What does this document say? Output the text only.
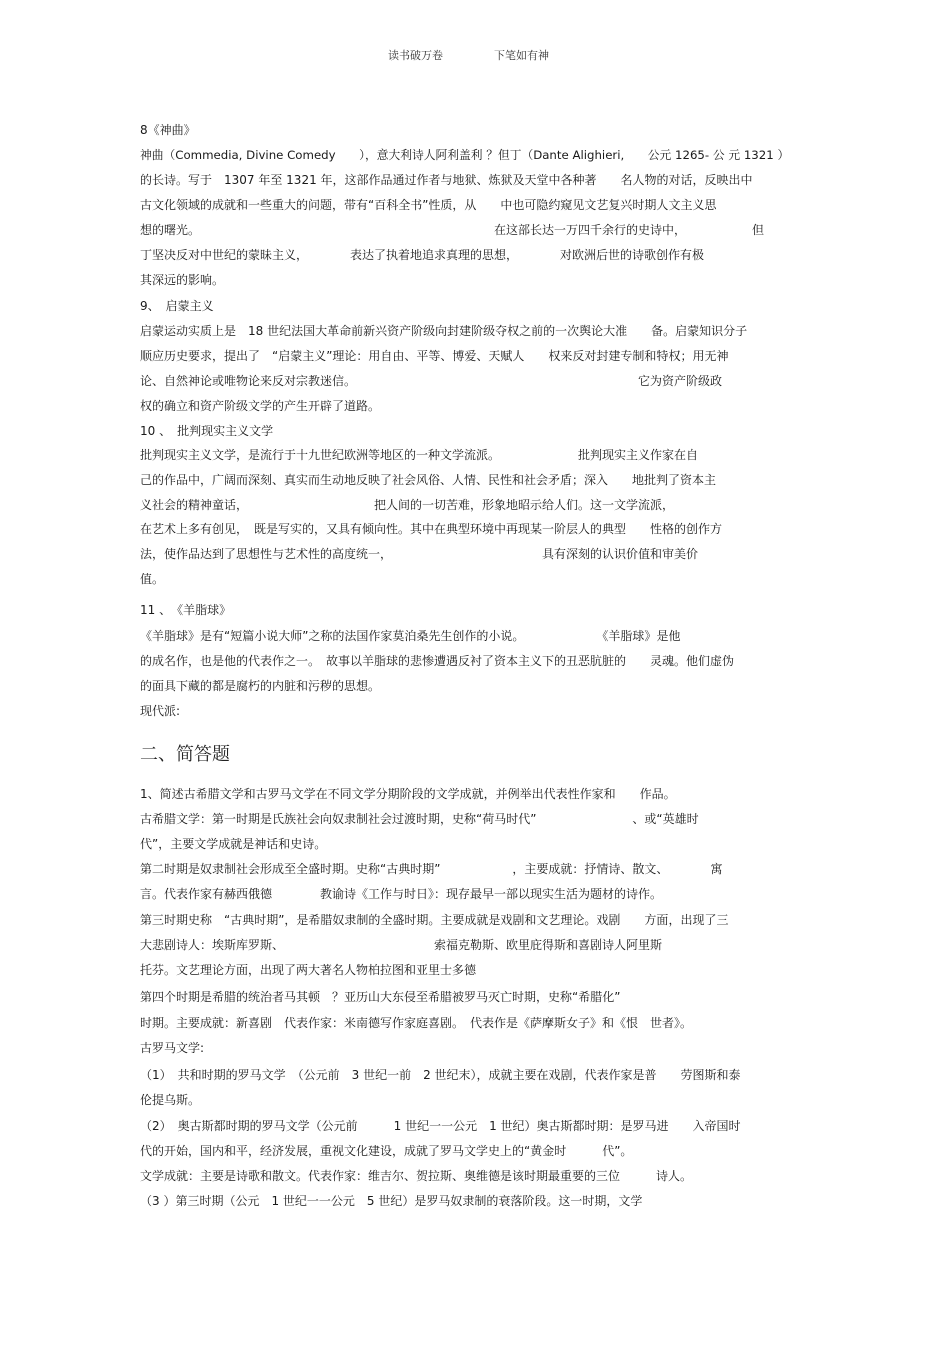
读书破万卷	下笔如有神
8《神曲》
神曲（Commedia, Divine Comedy　　），意大利诗人阿利盖利 ？但丁（Dante Alighieri,　　公元 1265- 公 元 1321 ）
的长诗。写于　1307 年至 1321 年，这部作品通过作者与地狱、炼狱及天堂中各种著　　名人物的对话，反映出中
古文化领域的成就和一些重大的问题，带有“百科全书”性质，从　　中也可隐约窥见文艺复兴时期人文主义思
想的曙光。　　　　　　　　　　　　　　　　　　　　　　　　　在这部长达一万四千余行的史诗中，　　　　　　但
丁坚决反对中世纪的蒙昧主义，　　　　表达了执着地追求真理的思想，　　　　对欧洲后世的诗歌创作有极
其深远的影响。
9、　启蒙主义
启蒙运动实质上是　18 世纪法国大革命前新兴资产阶级向封建阶级夺权之前的一次舆论大准　　备。启蒙知识分子
顺应历史要求，提出了　“启蒙主义”理论：用自由、平等、博爱、天赋人　　权来反对封建专制和特权；用无神
论、自然神论或唯物论来反对宗教迷信。　　　　　　　　　　　　　　　　　　　　　　　　它为资产阶级政
权的确立和资产阶级文学的产生开辟了道路。
10 、　批判现实主义文学
批判现实主义文学，是流行于十九世纪欧洲等地区的一种文学流派。　　　　　　　批判现实主义作家在自
己的作品中，广阔而深刻、真实而生动地反映了社会风俗、人情、民性和社会矛盾；深入　　地批判了资本主
义社会的精神童话，　　　　　　　　　　　把人间的一切苦难，形象地昭示给人们。这一文学流派，
在艺术上多有创见，　既是写实的，又具有倾向性。其中在典型环境中再现某一阶层人的典型　　性格的创作方
法，使作品达到了思想性与艺术性的高度统一，　　　　　　　　　　　　　具有深刻的认识价值和审美价
值。
11 、　《羊脂球》
《羊脂球》是有“短篇小说大师”之称的法国作家莫泊桑先生创作的小说。　　　　　　　《羊脂球》是他
的成名作，也是他的代表作之一。　故事以羊脂球的悲惨遭遇反衬了资本主义下的丑恶肮脏的　　灵魂。他们虚伪
的面具下藏的都是腐朽的内脏和污秽的思想。
现代派:
二、简答题
1、简述古希腊文学和古罗马文学在不同文学分期阶段的文学成就，并例举出代表性作家和　　作品。
古希腊文学：第一时期是氏族社会向奴隶制社会过渡时期，史称“荷马时代”　　　　　　　　、或“英雄时
代”，主要文学成就是神话和史诗。
第二时期是奴隶制社会形成至全盛时期。史称“古典时期”　　　　　　，主要成就：抒情诗、散文、　　　　寓
言。代表作家有赫西俄德　　　　教谕诗《工作与时日》：现存最早一部以现实生活为题材的诗作。
第三时期史称　“古典时期”，是希腊奴隶制的全盛时期。主要成就是戏剧和文艺理论。戏剧　　方面，出现了三
大悲剧诗人：埃斯库罗斯、　　　　　　　　　　　　　索福克勒斯、欧里庇得斯和喜剧诗人阿里斯
托芬。文艺理论方面，出现了两大著名人物柏拉图和亚里士多德
第四个时期是希腊的统治者马其顿　？亚历山大东侵至希腊被罗马灭亡时期，史称“希腊化”
时期。主要成就：新喜剧　代表作家：米南德写作家庭喜剧。　代表作是《萨摩斯女子》和《恨　世者》。
古罗马文学:
（1）　共和时期的罗马文学　（公元前　3 世纪一前　2 世纪末），成就主要在戏剧，代表作家是普　　劳图斯和泰
伦提乌斯。
（2）　奥古斯都时期的罗马文学（公元前　　　1 世纪一一公元　1 世纪）奥古斯都时期：是罗马进　　入帝国时
代的开始，国内和平，经济发展，重视文化建设，成就了罗马文学史上的“黄金时　　　代”。
文学成就：主要是诗歌和散文。代表作家：维吉尔、贺拉斯、奥维德是该时期最重要的三位　　　诗人。
（3 ）第三时期（公元　1 世纪一一公元　5 世纪）是罗马奴隶制的衰落阶段。这一时期，文学
